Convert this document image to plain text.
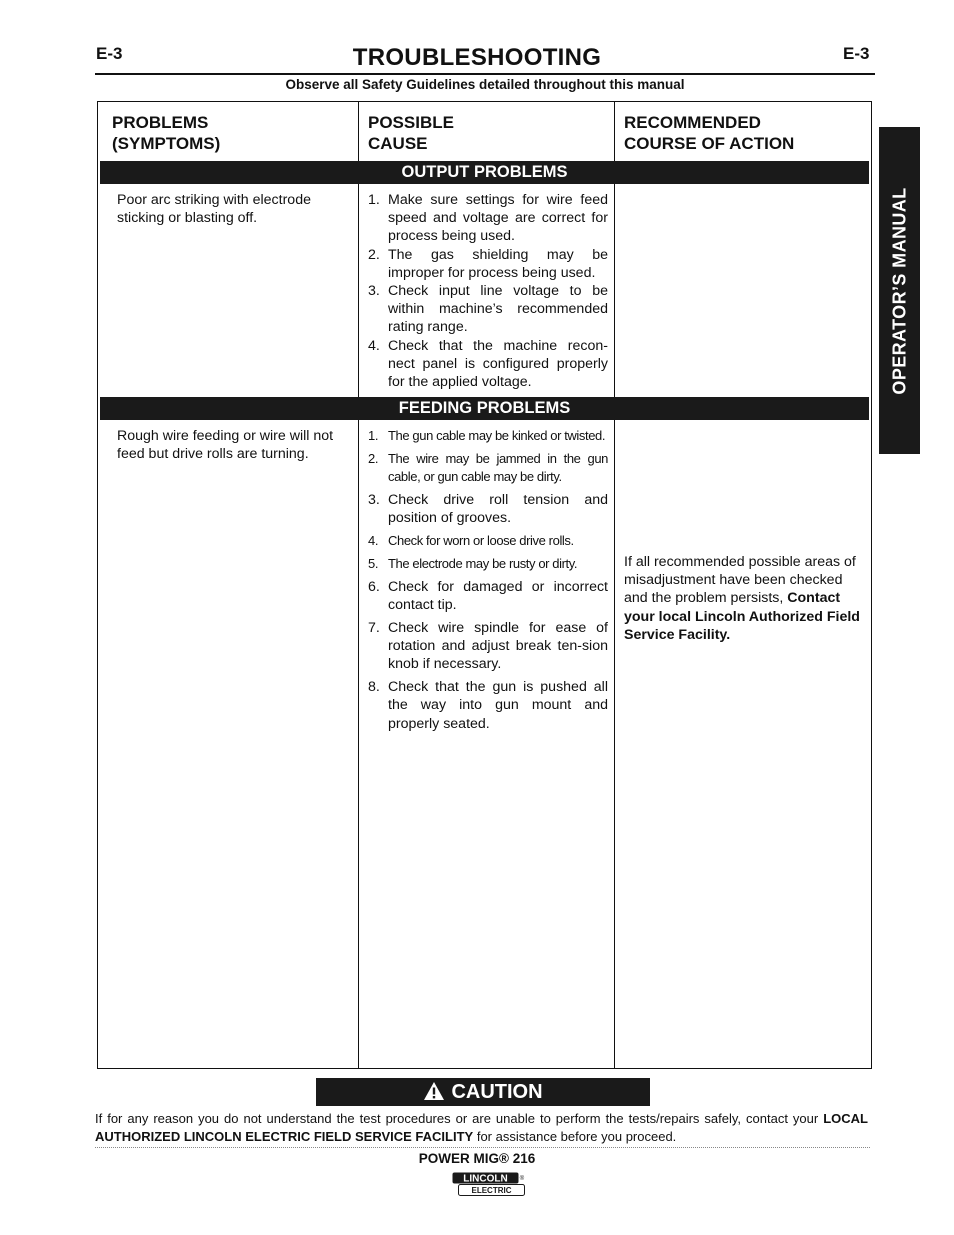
E-3	TROUBLESHOOTING	E-3
Observe all Safety Guidelines detailed throughout this manual
OPERATOR’S MANUAL
PROBLEMS
(SYMPTOMS)
POSSIBLE
CAUSE
RECOMMENDED
COURSE OF ACTION
OUTPUT PROBLEMS
Poor arc striking with electrode sticking or blasting off.
1. Make sure settings for wire feed speed and voltage are correct for process being used.
2. The gas shielding may be improper for process being used.
3. Check input line voltage to be within machine’s recommended rating range.
4. Check that the machine recon-nect panel is configured properly for the applied voltage.
FEEDING PROBLEMS
Rough wire feeding or wire will not feed but drive rolls are turning.
1. The gun cable may be kinked or twisted.
2. The wire may be jammed in the gun cable, or gun cable may be dirty.
3. Check drive roll tension and position of grooves.
4. Check for worn or loose drive rolls.
5. The electrode may be rusty or dirty.
6. Check for damaged or incorrect contact tip.
7. Check wire spindle for ease of rotation and adjust break ten-sion knob if necessary.
8. Check that the gun is pushed all the way into gun mount and properly seated.
If all recommended possible areas of misadjustment have been checked and the problem persists, Contact your local Lincoln Authorized Field Service Facility.
CAUTION
If for any reason you do not understand the test procedures or are unable to perform the tests/repairs safely, contact your LOCAL AUTHORIZED LINCOLN ELECTRIC FIELD SERVICE FACILITY for assistance before you proceed.
POWER MIG® 216
LINCOLN
ELECTRIC
®
